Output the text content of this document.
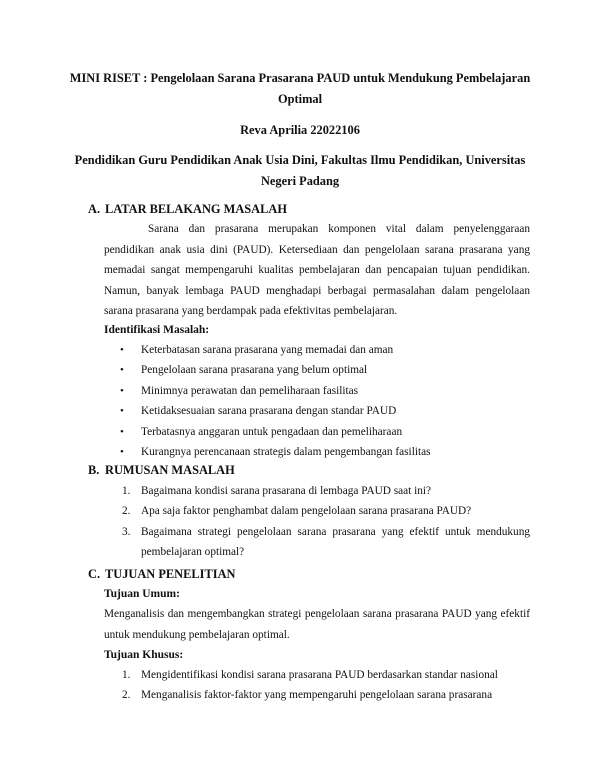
MINI RISET : Pengelolaan Sarana Prasarana PAUD untuk Mendukung Pembelajaran Optimal
Reva Aprilia 22022106
Pendidikan Guru Pendidikan Anak Usia Dini, Fakultas Ilmu Pendidikan, Universitas Negeri Padang
A. LATAR BELAKANG MASALAH

Sarana dan prasarana merupakan komponen vital dalam penyelenggaraan pendidikan anak usia dini (PAUD). Ketersediaan dan pengelolaan sarana prasarana yang memadai sangat mempengaruhi kualitas pembelajaran dan pencapaian tujuan pendidikan. Namun, banyak lembaga PAUD menghadapi berbagai permasalahan dalam pengelolaan sarana prasarana yang berdampak pada efektivitas pembelajaran.

Identifikasi Masalah:
• Keterbatasan sarana prasarana yang memadai dan aman
• Pengelolaan sarana prasarana yang belum optimal
• Minimnya perawatan dan pemeliharaan fasilitas
• Ketidaksesuaian sarana prasarana dengan standar PAUD
• Terbatasnya anggaran untuk pengadaan dan pemeliharaan
• Kurangnya perencanaan strategis dalam pengembangan fasilitas
B. RUMUSAN MASALAH
1. Bagaimana kondisi sarana prasarana di lembaga PAUD saat ini?
2. Apa saja faktor penghambat dalam pengelolaan sarana prasarana PAUD?
3. Bagaimana strategi pengelolaan sarana prasarana yang efektif untuk mendukung pembelajaran optimal?
C. TUJUAN PENELITIAN
Tujuan Umum:

Menganalisis dan mengembangkan strategi pengelolaan sarana prasarana PAUD yang efektif untuk mendukung pembelajaran optimal.

Tujuan Khusus:
1. Mengidentifikasi kondisi sarana prasarana PAUD berdasarkan standar nasional
2. Menganalisis faktor-faktor yang mempengaruhi pengelolaan sarana prasarana
